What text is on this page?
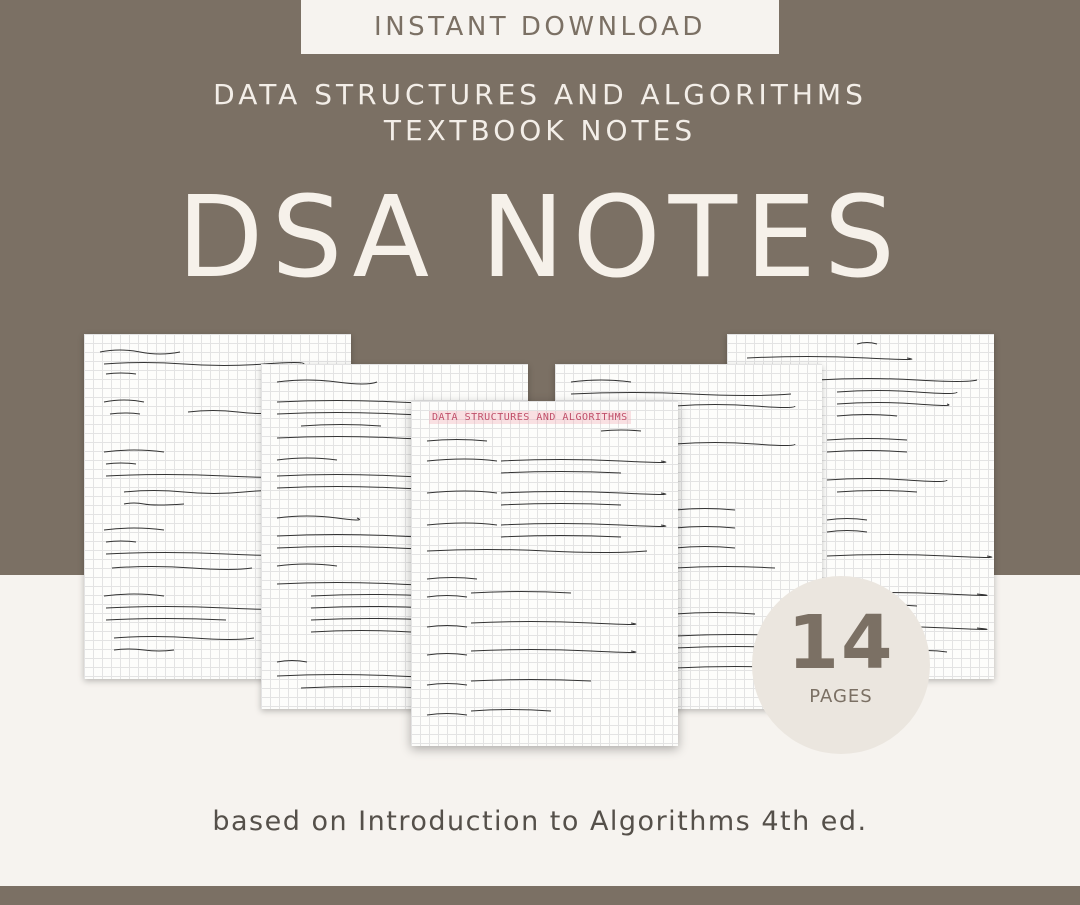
INSTANT DOWNLOAD
DATA STRUCTURES AND ALGORITHMS
TEXTBOOK NOTES
DSA NOTES
DATA STRUCTURES AND ALGORITHMS
14
PAGES
based on Introduction to Algorithms 4th ed.
